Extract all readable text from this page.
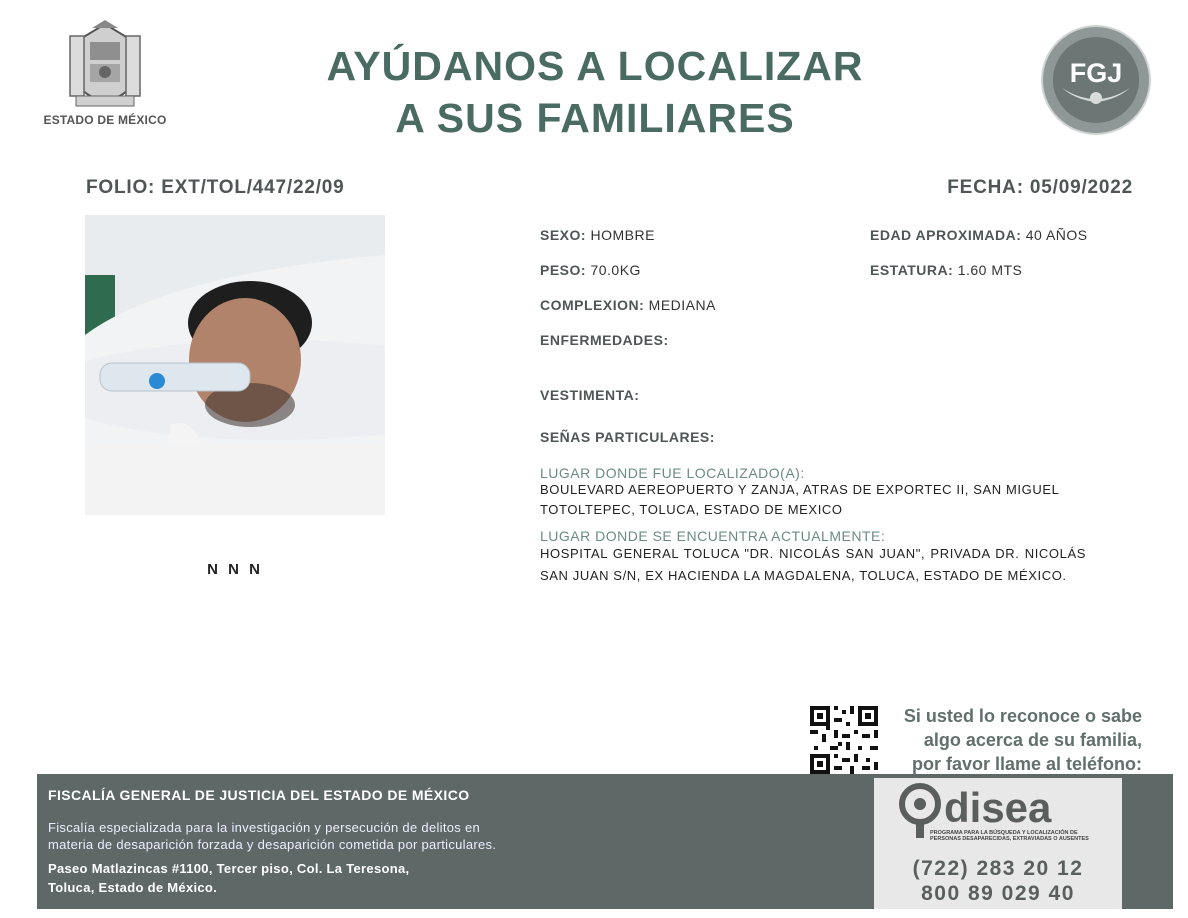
ESTADO DE MÉXICO
AYÚDANOS A LOCALIZAR
A SUS FAMILIARES
FGJ
FOLIO: EXT/TOL/447/22/09	FECHA: 05/09/2022
N N N
SEXO: HOMBRE	EDAD APROXIMADA: 40 AÑOS
PESO: 70.0KG	ESTATURA: 1.60 MTS
COMPLEXION: MEDIANA
ENFERMEDADES:
VESTIMENTA:
SEÑAS PARTICULARES:
LUGAR DONDE FUE LOCALIZADO(A):
BOULEVARD AEREOPUERTO Y ZANJA, ATRAS DE EXPORTEC II, SAN MIGUEL TOTOLTEPEC, TOLUCA, ESTADO DE MEXICO
LUGAR DONDE SE ENCUENTRA ACTUALMENTE:
HOSPITAL GENERAL TOLUCA "DR. NICOLÁS SAN JUAN", PRIVADA DR. NICOLÁS SAN JUAN S/N, EX HACIENDA LA MAGDALENA, TOLUCA, ESTADO DE MÉXICO.
Si usted lo reconoce o sabe
algo acerca de su familia,
por favor llame al teléfono:
FISCALÍA GENERAL DE JUSTICIA DEL ESTADO DE MÉXICO
Fiscalía especializada para la investigación y persecución de delitos en
materia de desaparición forzada y desaparición cometida por particulares.
Paseo Matlazincas #1100, Tercer piso, Col. La Teresona,
Toluca, Estado de México.
disea
PROGRAMA PARA LA BÚSQUEDA Y LOCALIZACIÓN DE PERSONAS DESAPARECIDAS, EXTRAVIADAS O AUSENTES
(722) 283 20 12
800 89 029 40
